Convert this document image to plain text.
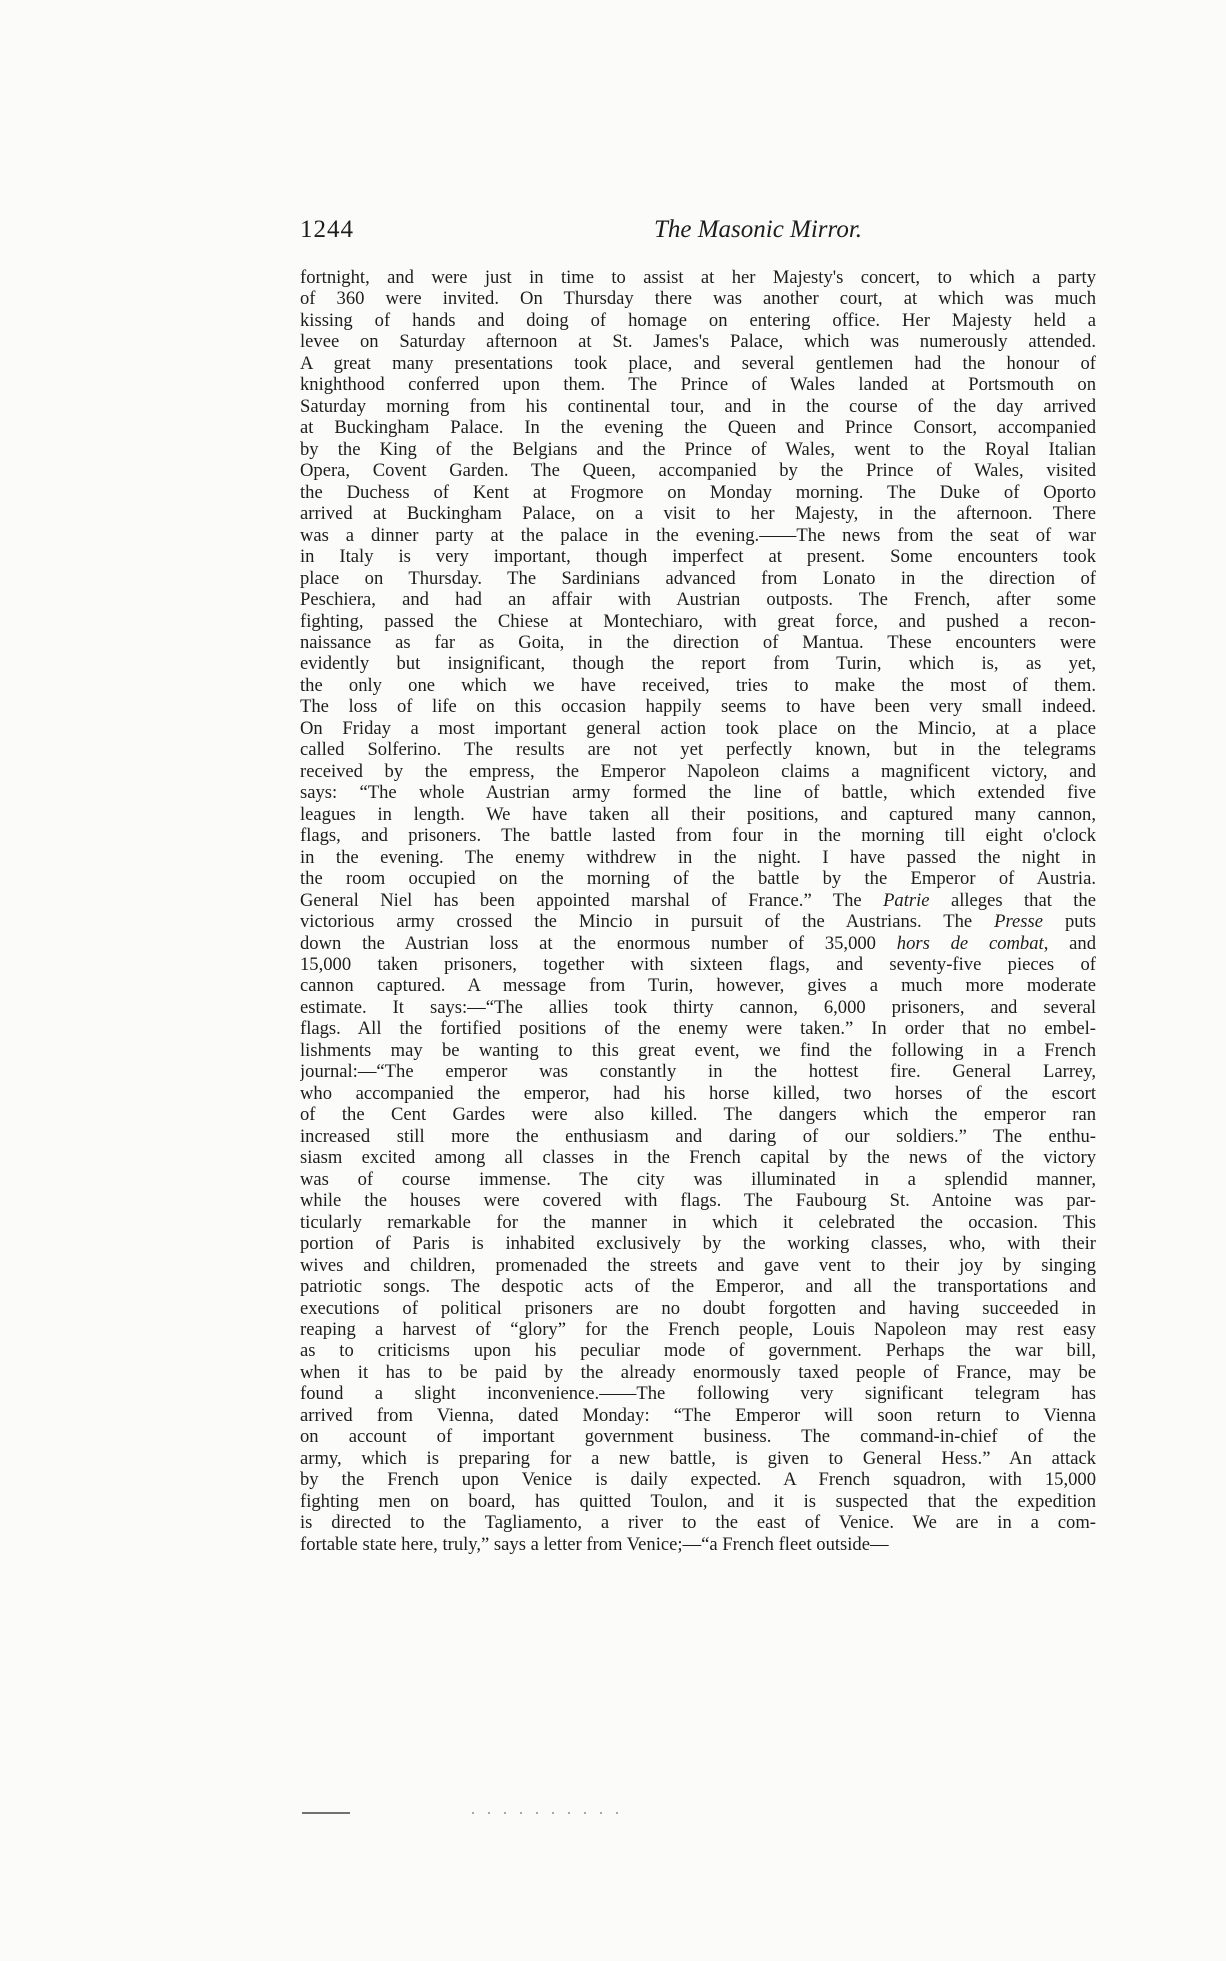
1244	The Masonic Mirror.
fortnight, and were just in time to assist at her Majesty's concert, to which a party
of 360 were invited. On Thursday there was another court, at which was much
kissing of hands and doing of homage on entering office. Her Majesty held a
levee on Saturday afternoon at St. James's Palace, which was numerously attended.
A great many presentations took place, and several gentlemen had the honour of
knighthood conferred upon them. The Prince of Wales landed at Portsmouth on
Saturday morning from his continental tour, and in the course of the day arrived
at Buckingham Palace. In the evening the Queen and Prince Consort, accompanied
by the King of the Belgians and the Prince of Wales, went to the Royal Italian
Opera, Covent Garden. The Queen, accompanied by the Prince of Wales, visited
the Duchess of Kent at Frogmore on Monday morning. The Duke of Oporto
arrived at Buckingham Palace, on a visit to her Majesty, in the afternoon. There
was a dinner party at the palace in the evening.——The news from the seat of war
in Italy is very important, though imperfect at present. Some encounters took
place on Thursday. The Sardinians advanced from Lonato in the direction of
Peschiera, and had an affair with Austrian outposts. The French, after some
fighting, passed the Chiese at Montechiaro, with great force, and pushed a recon-
naissance as far as Goita, in the direction of Mantua. These encounters were
evidently but insignificant, though the report from Turin, which is, as yet,
the only one which we have received, tries to make the most of them.
The loss of life on this occasion happily seems to have been very small indeed.
On Friday a most important general action took place on the Mincio, at a place
called Solferino. The results are not yet perfectly known, but in the telegrams
received by the empress, the Emperor Napoleon claims a magnificent victory, and
says: “The whole Austrian army formed the line of battle, which extended five
leagues in length. We have taken all their positions, and captured many cannon,
flags, and prisoners. The battle lasted from four in the morning till eight o'clock
in the evening. The enemy withdrew in the night. I have passed the night in
the room occupied on the morning of the battle by the Emperor of Austria.
General Niel has been appointed marshal of France.” The Patrie alleges that the
victorious army crossed the Mincio in pursuit of the Austrians. The Presse puts
down the Austrian loss at the enormous number of 35,000 hors de combat, and
15,000 taken prisoners, together with sixteen flags, and seventy-five pieces of
cannon captured. A message from Turin, however, gives a much more moderate
estimate. It says:—“The allies took thirty cannon, 6,000 prisoners, and several
flags. All the fortified positions of the enemy were taken.” In order that no embel-
lishments may be wanting to this great event, we find the following in a French
journal:—“The emperor was constantly in the hottest fire. General Larrey,
who accompanied the emperor, had his horse killed, two horses of the escort
of the Cent Gardes were also killed. The dangers which the emperor ran
increased still more the enthusiasm and daring of our soldiers.” The enthu-
siasm excited among all classes in the French capital by the news of the victory
was of course immense. The city was illuminated in a splendid manner,
while the houses were covered with flags. The Faubourg St. Antoine was par-
ticularly remarkable for the manner in which it celebrated the occasion. This
portion of Paris is inhabited exclusively by the working classes, who, with their
wives and children, promenaded the streets and gave vent to their joy by singing
patriotic songs. The despotic acts of the Emperor, and all the transportations and
executions of political prisoners are no doubt forgotten and having succeeded in
reaping a harvest of “glory” for the French people, Louis Napoleon may rest easy
as to criticisms upon his peculiar mode of government. Perhaps the war bill,
when it has to be paid by the already enormously taxed people of France, may be
found a slight inconvenience.——The following very significant telegram has
arrived from Vienna, dated Monday: “The Emperor will soon return to Vienna
on account of important government business. The command-in-chief of the
army, which is preparing for a new battle, is given to General Hess.” An attack
by the French upon Venice is daily expected. A French squadron, with 15,000
fighting men on board, has quitted Toulon, and it is suspected that the expedition
is directed to the Tagliamento, a river to the east of Venice. We are in a com-
fortable state here, truly,” says a letter from Venice;—“a French fleet outside—
